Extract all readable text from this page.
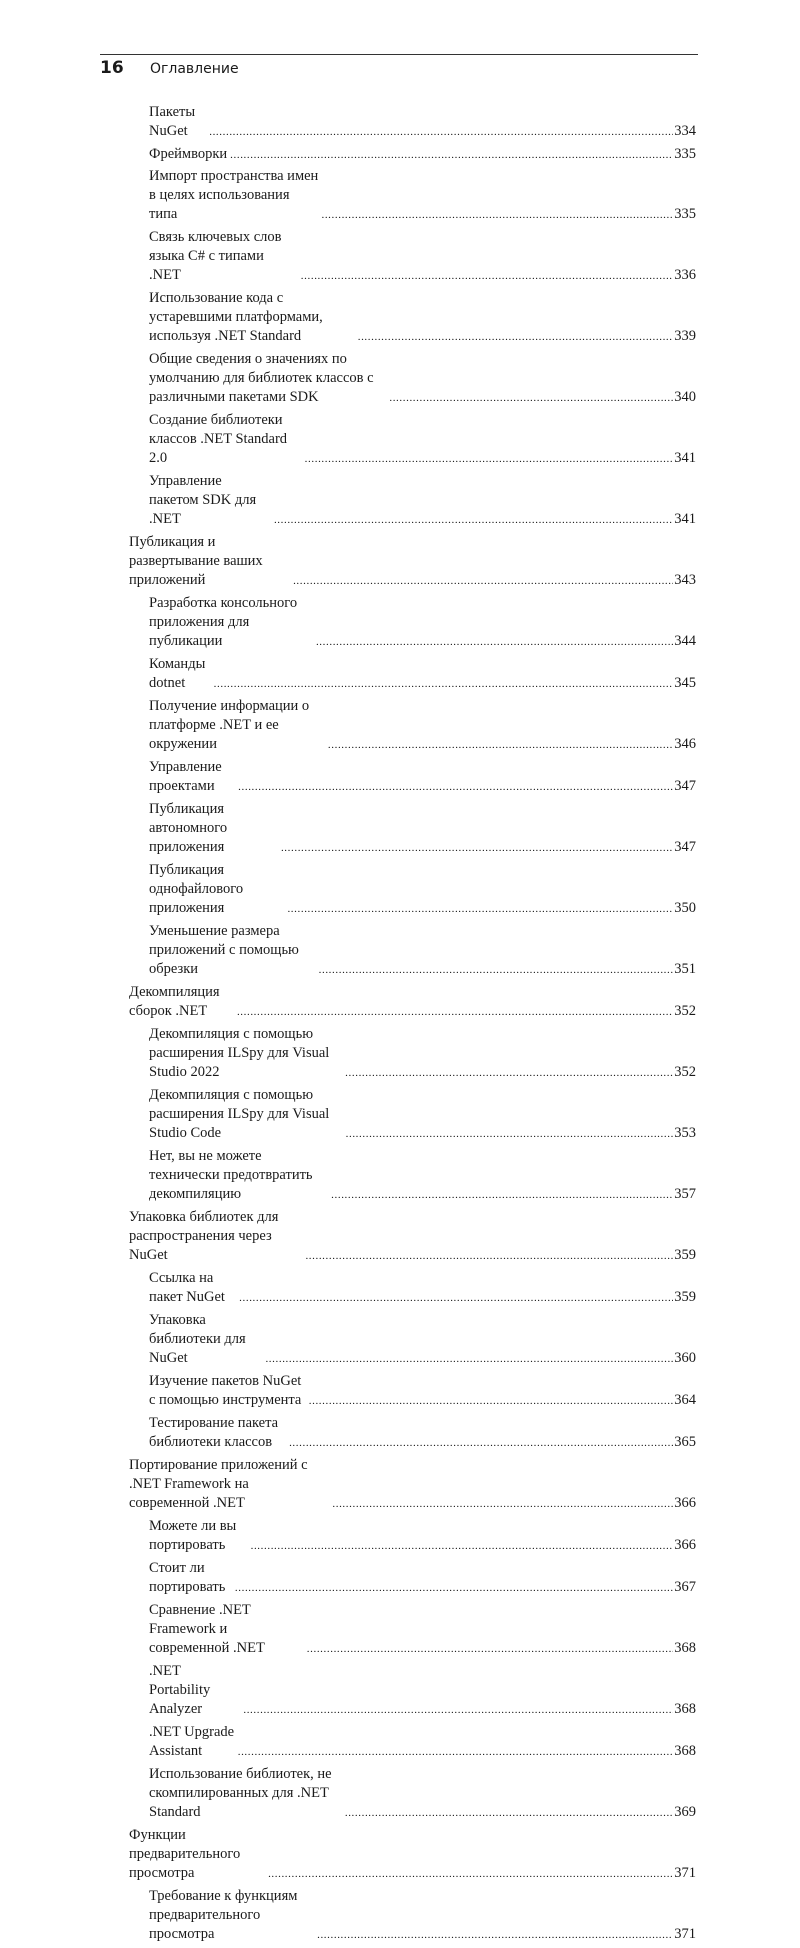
16	Оглавление
Пакеты NuGet .....	334
Фреймворки .....	335
Импорт пространства имен в целях использования типа .....	335
Связь ключевых слов языка C# с типами .NET .....	336
Использование кода с устаревшими платформами, используя .NET Standard .....	339
Общие сведения о значениях по умолчанию для библиотек классов с различными пакетами SDK .....	340
Создание библиотеки классов .NET Standard 2.0 .....	341
Управление пакетом SDK для .NET .....	341
Публикация и развертывание ваших приложений .....	343
Разработка консольного приложения для публикации .....	344
Команды dotnet .....	345
Получение информации о платформе .NET и ее окружении .....	346
Управление проектами .....	347
Публикация автономного приложения .....	347
Публикация однофайлового приложения .....	350
Уменьшение размера приложений с помощью обрезки .....	351
Декомпиляция сборок .NET .....	352
Декомпиляция с помощью расширения ILSpy для Visual Studio 2022 .....	352
Декомпиляция с помощью расширения ILSpy для Visual Studio Code .....	353
Нет, вы не можете технически предотвратить декомпиляцию .....	357
Упаковка библиотек для распространения через NuGet .....	359
Ссылка на пакет NuGet .....	359
Упаковка библиотеки для NuGet .....	360
Изучение пакетов NuGet с помощью инструмента .....	364
Тестирование пакета библиотеки классов .....	365
Портирование приложений с .NET Framework на современной .NET .....	366
Можете ли вы портировать .....	366
Стоит ли портировать .....	367
Сравнение .NET Framework и современной .NET .....	368
.NET Portability Analyzer .....	368
.NET Upgrade Assistant .....	368
Использование библиотек, не скомпилированных для .NET Standard .....	369
Функции предварительного просмотра .....	371
Требование к функциям предварительного просмотра .....	371
